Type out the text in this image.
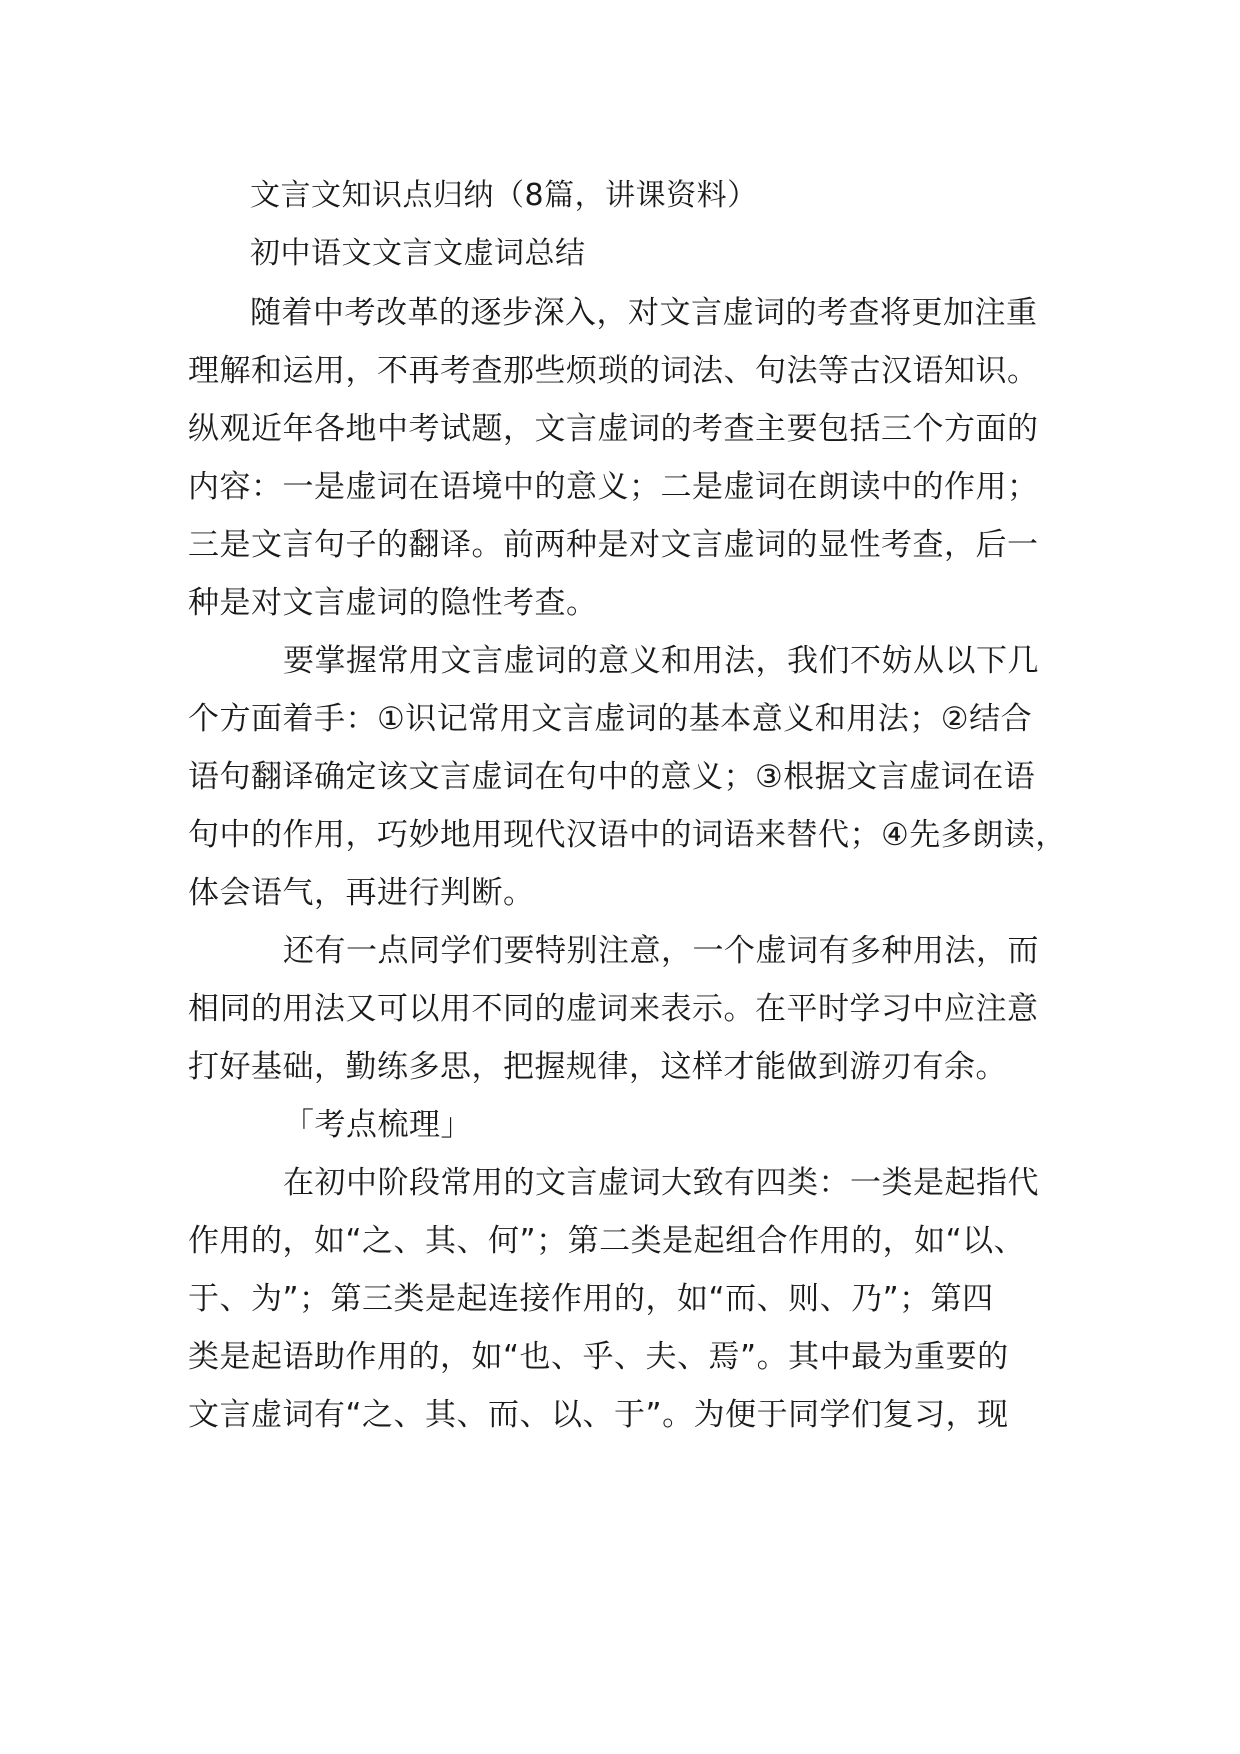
文言文知识点归纳（8篇，讲课资料）
初中语文文言文虚词总结
随着中考改革的逐步深入，对文言虚词的考查将更加注重
理解和运用，不再考查那些烦琐的词法、句法等古汉语知识。
纵观近年各地中考试题，文言虚词的考查主要包括三个方面的
内容：一是虚词在语境中的意义；二是虚词在朗读中的作用；
三是文言句子的翻译。前两种是对文言虚词的显性考查，后一
种是对文言虚词的隐性考查。
要掌握常用文言虚词的意义和用法，我们不妨从以下几
个方面着手：①识记常用文言虚词的基本意义和用法；②结合
语句翻译确定该文言虚词在句中的意义；③根据文言虚词在语
句中的作用，巧妙地用现代汉语中的词语来替代；④先多朗读，
体会语气，再进行判断。
还有一点同学们要特别注意，一个虚词有多种用法，而
相同的用法又可以用不同的虚词来表示。在平时学习中应注意
打好基础，勤练多思，把握规律，这样才能做到游刃有余。
「考点梳理」
在初中阶段常用的文言虚词大致有四类：一类是起指代
作用的，如“之、其、何”；第二类是起组合作用的，如“以、
于、为”；第三类是起连接作用的，如“而、则、乃”；第四
类是起语助作用的，如“也、乎、夫、焉”。其中最为重要的
文言虚词有“之、其、而、以、于”。为便于同学们复习，现
